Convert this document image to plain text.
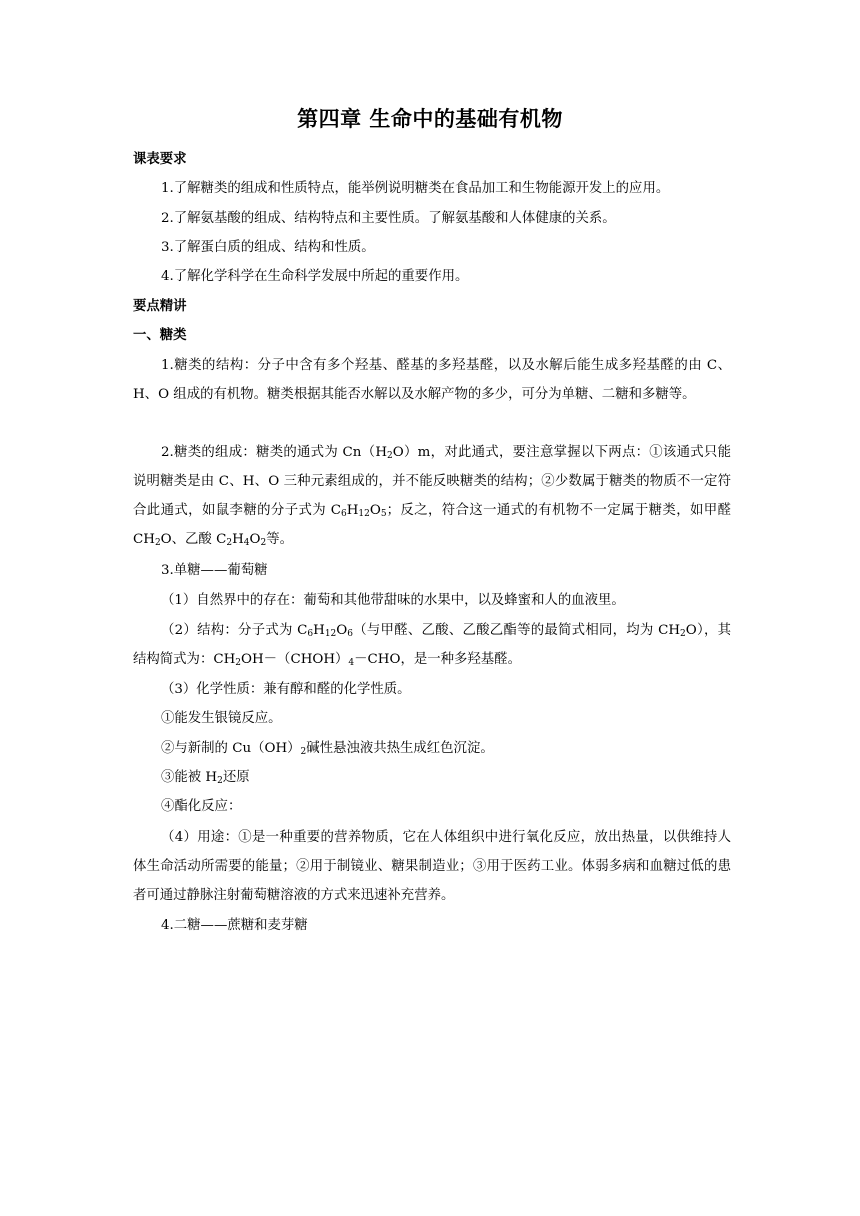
第四章 生命中的基础有机物
课表要求
1.了解糖类的组成和性质特点，能举例说明糖类在食品加工和生物能源开发上的应用。
2.了解氨基酸的组成、结构特点和主要性质。了解氨基酸和人体健康的关系。
3.了解蛋白质的组成、结构和性质。
4.了解化学科学在生命科学发展中所起的重要作用。
要点精讲
一、糖类
1.糖类的结构：分子中含有多个羟基、醛基的多羟基醛，以及水解后能生成多羟基醛的由 C、H、O 组成的有机物。糖类根据其能否水解以及水解产物的多少，可分为单糖、二糖和多糖等。
2.糖类的组成：糖类的通式为 $Cn(H_2O)m$，对此通式，要注意掌握以下两点：①该通式只能说明糖类是由 C、H、O 三种元素组成的，并不能反映糖类的结构；②少数属于糖类的物质不一定符合此通式，如鼠李糖的分子式为 $C_6H_{12}O_5$；反之，符合这一通式的有机物不一定属于糖类，如甲醛 $CH_2O$、乙酸 $C_2H_4O_2$等。
3.单糖——葡萄糖
（1）自然界中的存在：葡萄和其他带甜味的水果中，以及蜂蜜和人的血液里。
（2）结构：分子式为 $C_6H_{12}O_6$（与甲醛、乙酸、乙酸乙酯等的最简式相同，均为 $CH_2O$），其结构简式为：$CH_2OH-(CHOH)_4-CHO$，是一种多羟基醛。
（3）化学性质：兼有醇和醛的化学性质。
①能发生银镜反应。
②与新制的 $Cu(OH)_2$碱性悬浊液共热生成红色沉淀。
③能被 $H_2$还原
④酯化反应：
（4）用途：①是一种重要的营养物质，它在人体组织中进行氧化反应，放出热量，以供维持人体生命活动所需要的能量；②用于制镜业、糖果制造业；③用于医药工业。体弱多病和血糖过低的患者可通过静脉注射葡萄糖溶液的方式来迅速补充营养。
4.二糖——蔗糖和麦芽糖
